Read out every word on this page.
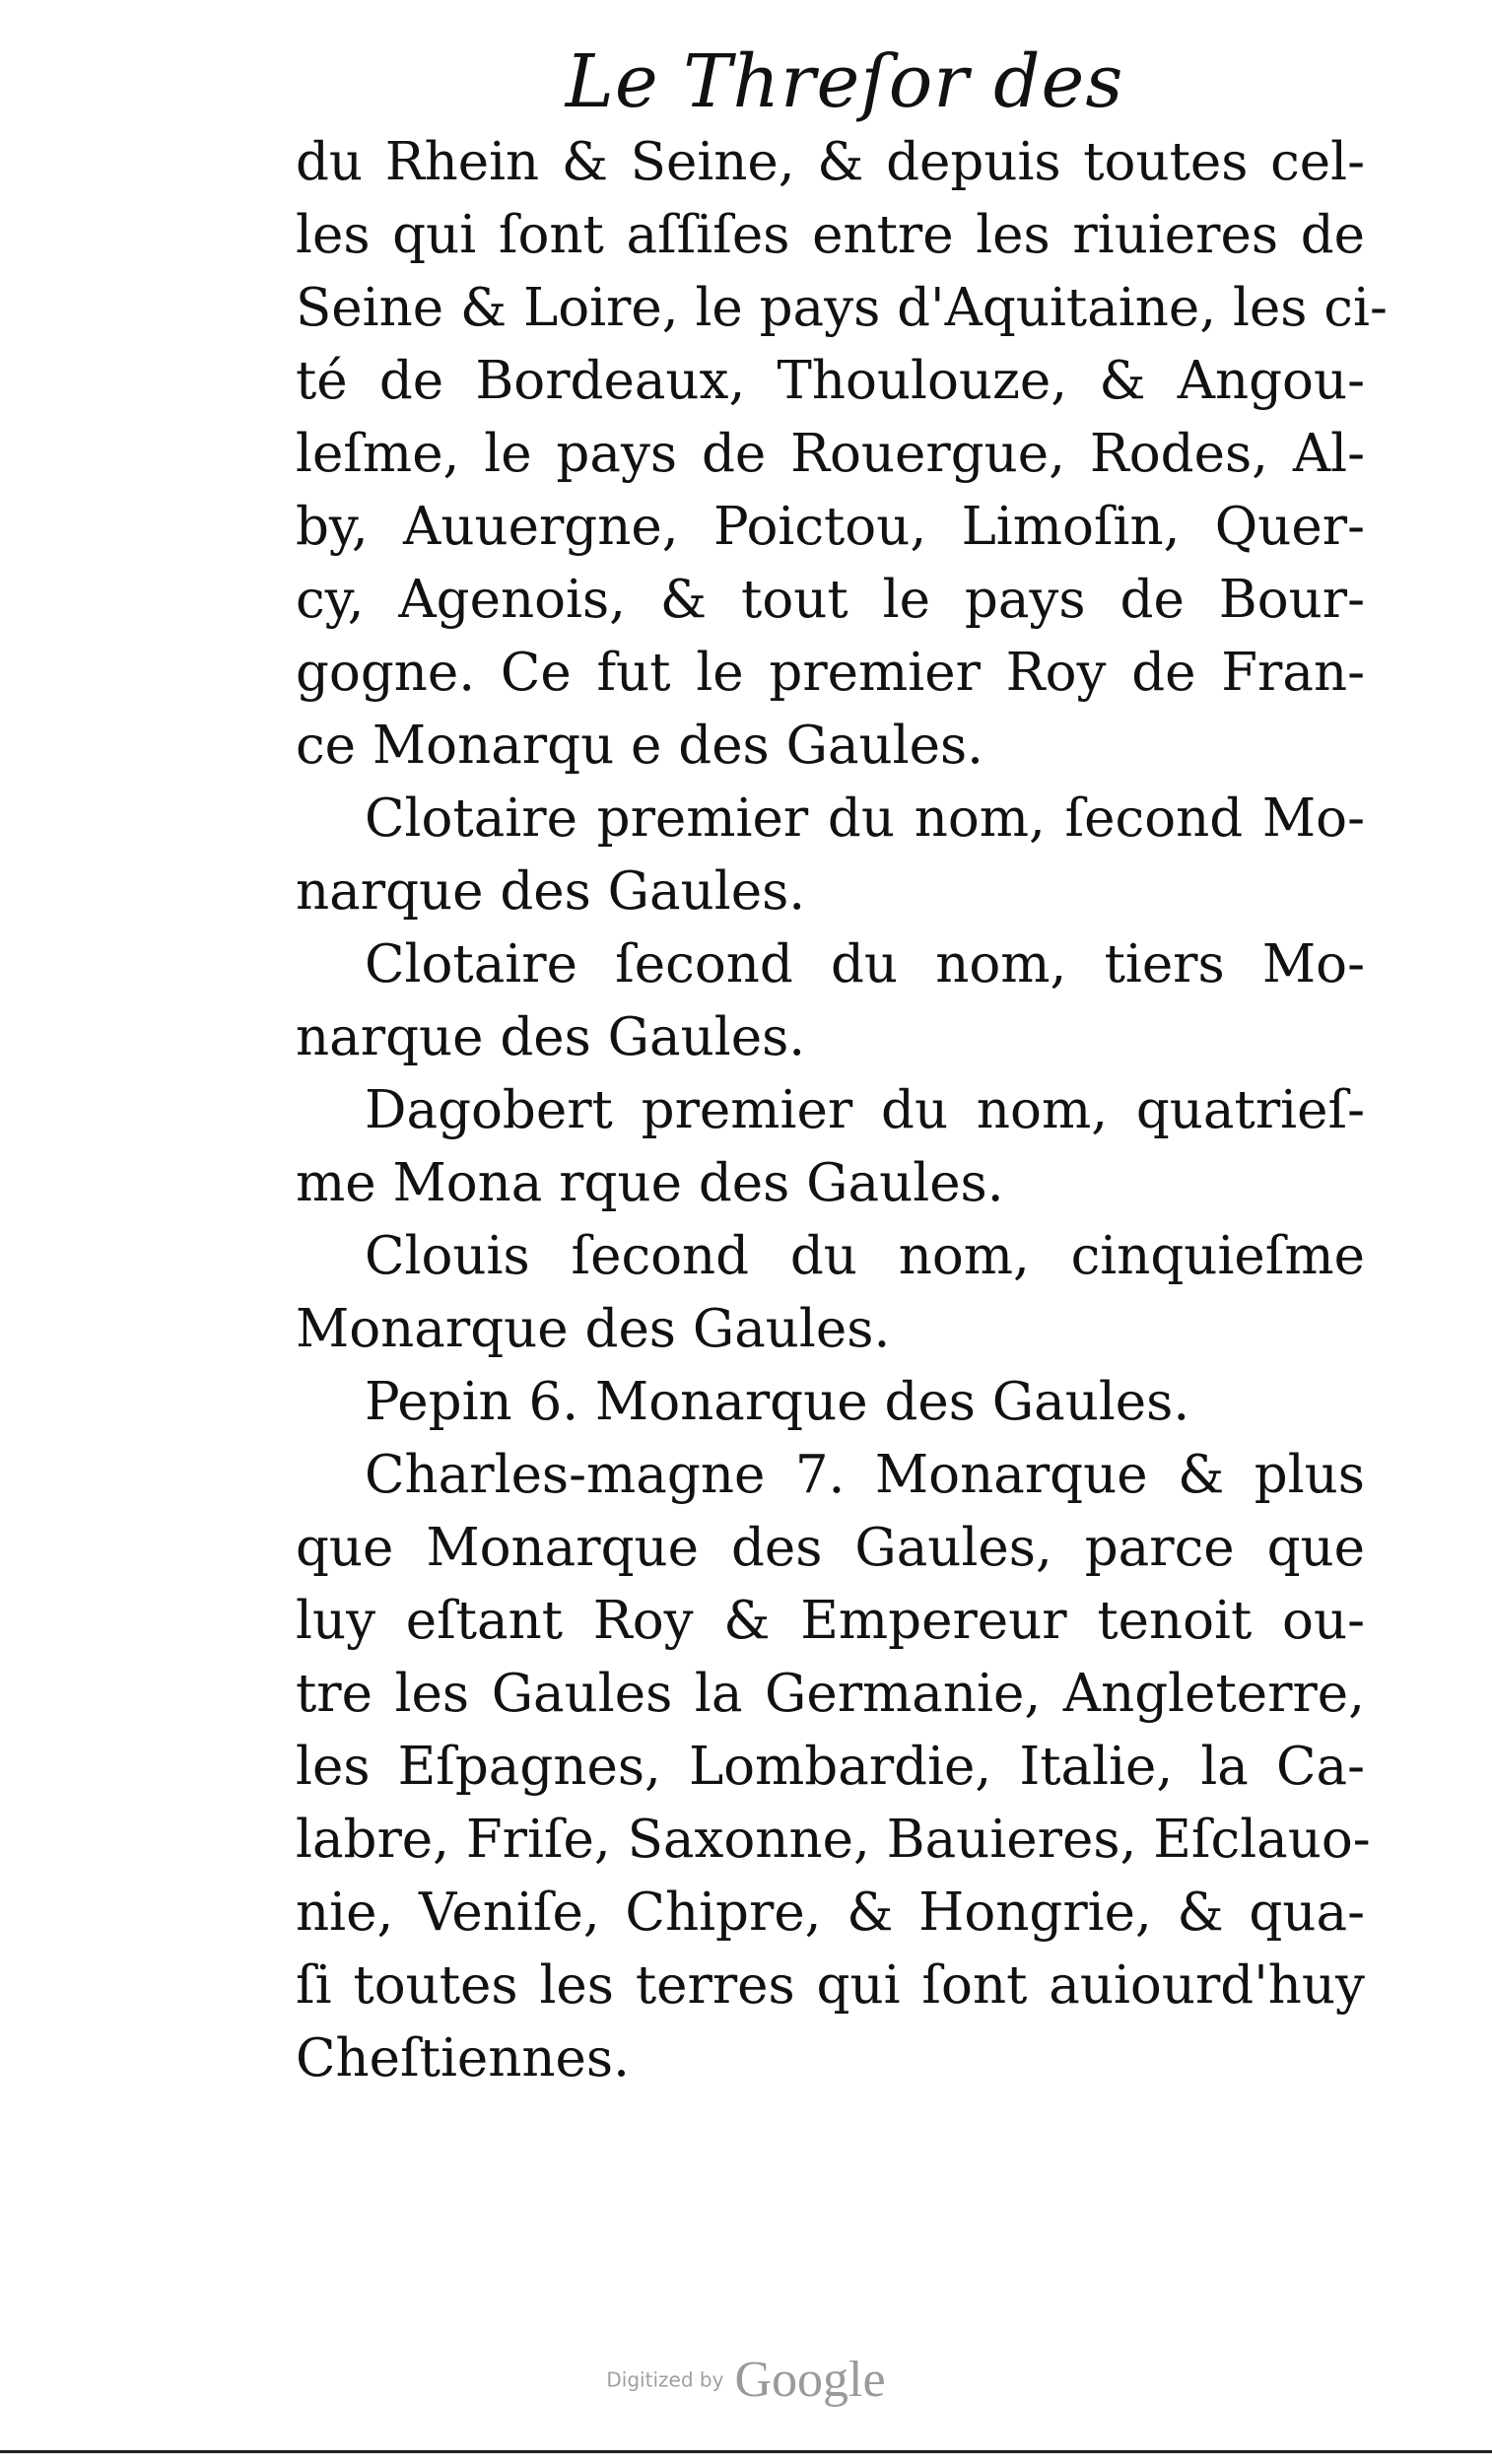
Le Threſor des
du Rhein & Seine, & depuis toutes cel-
les qui ſont aſſiſes entre les riuieres de
Seine & Loire, le pays d'Aquitaine, les ci-
té de Bordeaux, Thoulouze, & Angou-
leſme, le pays de Rouergue, Rodes, Al-
by, Auuergne, Poictou, Limoſin, Quer-
cy, Agenois, & tout le pays de Bour-
gogne. Ce fut le premier Roy de Fran-
ce Monarqu e des Gaules.
Clotaire premier du nom, ſecond Mo-
narque des Gaules.
Clotaire ſecond du nom, tiers Mo-
narque des Gaules.
Dagobert premier du nom, quatrieſ-
me Mona rque des Gaules.
Clouis ſecond du nom, cinquieſme
Monarque des Gaules.
Pepin 6. Monarque des Gaules.
Charles-magne 7. Monarque & plus
que Monarque des Gaules, parce que
luy eſtant Roy & Empereur tenoit ou-
tre les Gaules la Germanie, Angleterre,
les Eſpagnes, Lombardie, Italie, la Ca-
labre, Friſe, Saxonne, Bauieres, Eſclauo-
nie, Veniſe, Chipre, & Hongrie, & qua-
ſi toutes les terres qui ſont auiourd'huy
Cheſtiennes.
Digitized by Google
